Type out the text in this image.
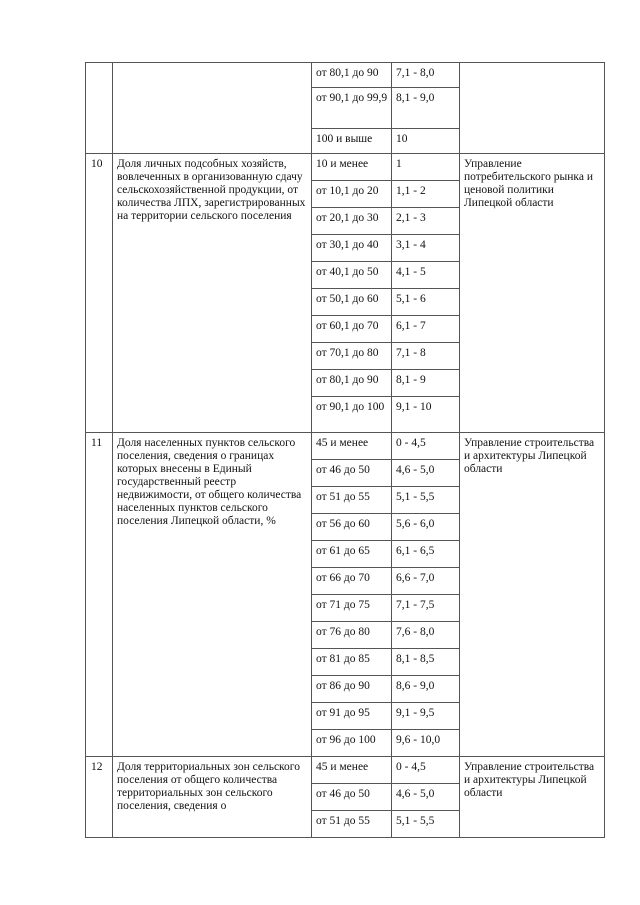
		от 80,1 до 90	7,1 - 8,0	
		от 90,1 до 99,9	8,1 - 9,0	
		100 и выше	10	
10	Доля личных подсобных хозяйств, вовлеченных в организованную сдачу сельскохозяйственной продукции, от количества ЛПХ, зарегистрированных на территории сельского поселения	10 и менее	1	Управление потребительского рынка и ценовой политики Липецкой области
		от 10,1 до 20	1,1 - 2	
		от 20,1 до 30	2,1 - 3	
		от 30,1 до 40	3,1 - 4	
		от 40,1 до 50	4,1 - 5	
		от 50,1 до 60	5,1 - 6	
		от 60,1 до 70	6,1 - 7	
		от 70,1 до 80	7,1 - 8	
		от 80,1 до 90	8,1 - 9	
		от 90,1 до 100	9,1 - 10	
11	Доля населенных пунктов сельского поселения, сведения о границах которых внесены в Единый государственный реестр недвижимости, от общего количества населенных пунктов сельского поселения Липецкой области, %	45 и менее	0 - 4,5	Управление строительства и архитектуры Липецкой области
		от 46 до 50	4,6 - 5,0	
		от 51 до 55	5,1 - 5,5	
		от 56 до 60	5,6 - 6,0	
		от 61 до 65	6,1 - 6,5	
		от 66 до 70	6,6 - 7,0	
		от 71 до 75	7,1 - 7,5	
		от 76 до 80	7,6 - 8,0	
		от 81 до 85	8,1 - 8,5	
		от 86 до 90	8,6 - 9,0	
		от 91 до 95	9,1 - 9,5	
		от 96 до 100	9,6 - 10,0	
12	Доля территориальных зон сельского поселения от общего количества территориальных зон сельского поселения, сведения о	45 и менее	0 - 4,5	Управление строительства и архитектуры Липецкой области
		от 46 до 50	4,6 - 5,0	
		от 51 до 55	5,1 - 5,5	
